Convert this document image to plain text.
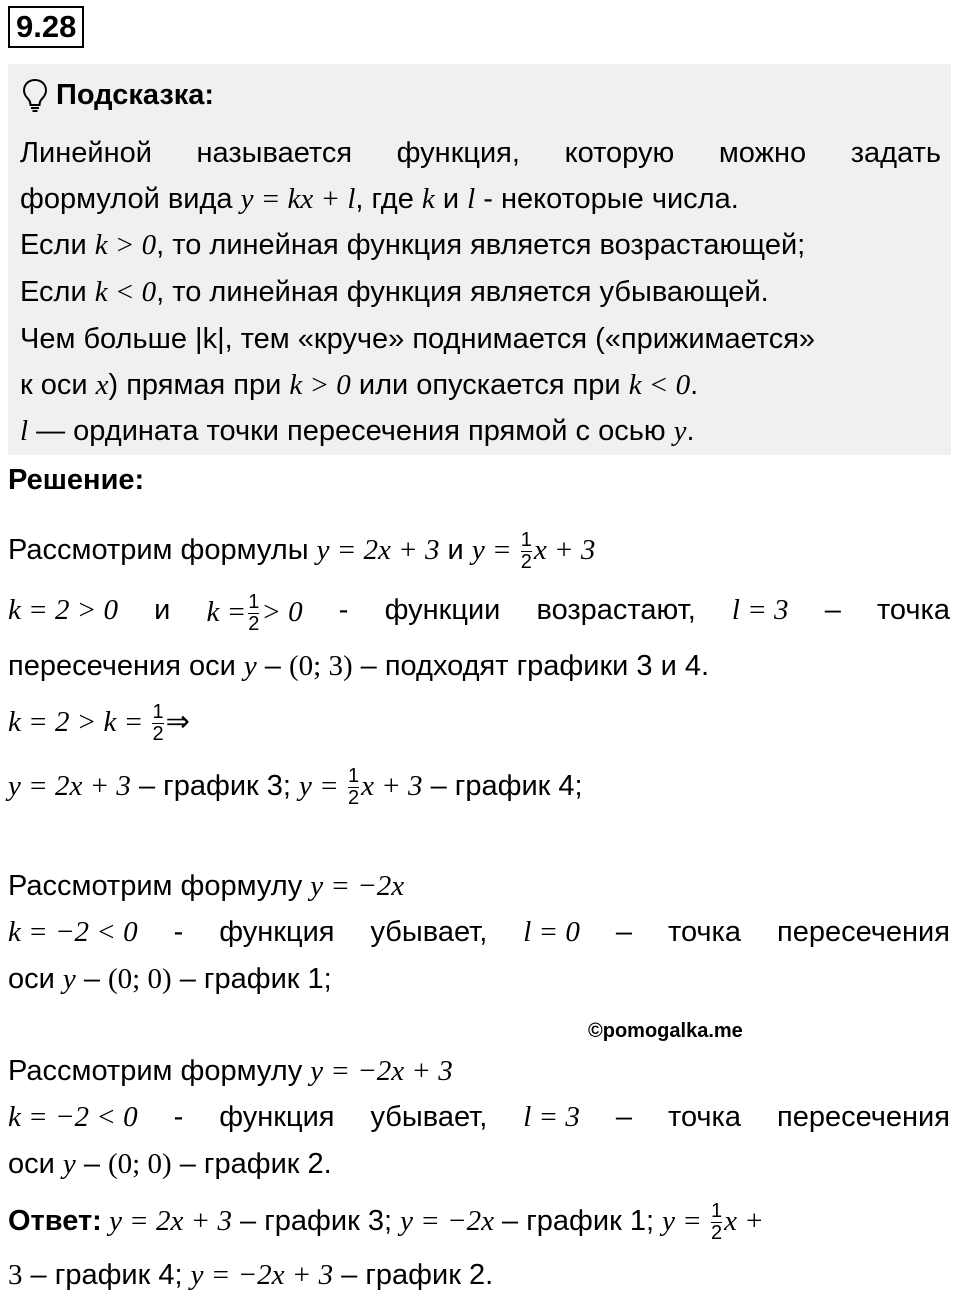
9.28
Подсказка:
Линейной называется функция, которую можно задать
формулой вида y = kx + l, где k и l - некоторые числа.
Если k > 0, то линейная функция является возрастающей;
Если k < 0, то линейная функция является убывающей.
Чем больше |k|, тем «круче» поднимается («прижимается»
к оси x) прямая при k > 0 или опускается при k < 0.
l — ордината точки пересечения прямой с осью y.
Решение:
Рассмотрим формулы y = 2x + 3 и $y = \frac{1}{2}$ x + 3
k = 2 > 0 и $k = \frac{1}{2} > 0$ - функции возрастают, l = 3 – точка
пересечения оси y – (0; 3) – подходят графики 3 и 4.
$k = 2 > k = \frac{1}{2}$ ⇒
y = 2x + 3 – график 3; $y = \frac{1}{2}$ x + 3 – график 4;
Рассмотрим формулу y = −2x
k = −2 < 0 - функция убывает, l = 0 – точка пересечения
оси y – (0; 0) – график 1;
©pomogalka.me
Рассмотрим формулу y = −2x + 3
k = −2 < 0 - функция убывает, l = 3 – точка пересечения
оси y – (0; 0) – график 2.
Ответ: y = 2x + 3 – график 3; y = −2x – график 1; $y = \frac{1}{2}$ x +
3 – график 4; y = −2x + 3 – график 2.
